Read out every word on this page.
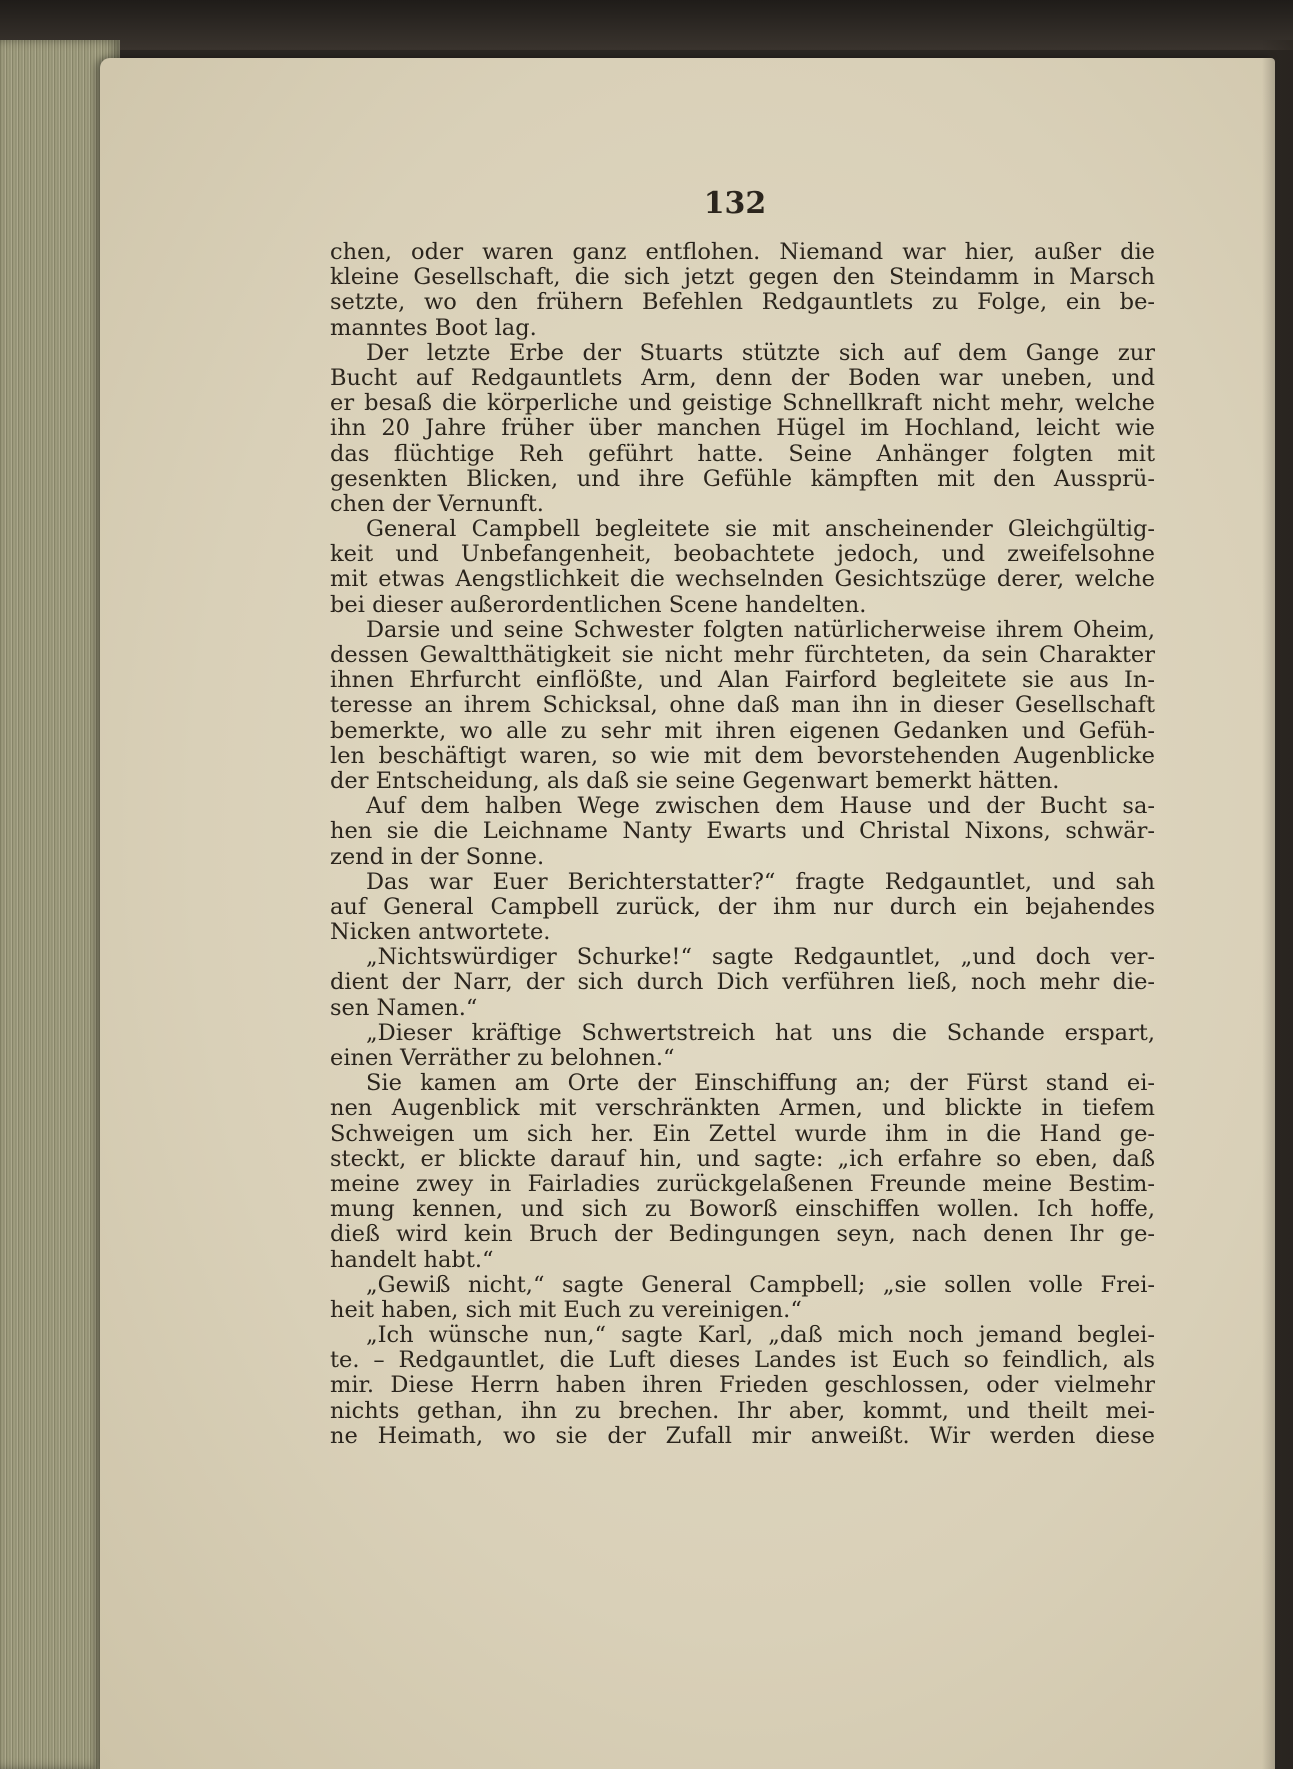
132
chen, oder waren ganz entflohen. Niemand war hier, außer die
kleine Gesellschaft, die sich jetzt gegen den Steindamm in Marsch
setzte, wo den frühern Befehlen Redgauntlets zu Folge, ein be-
manntes Boot lag.
Der letzte Erbe der Stuarts stützte sich auf dem Gange zur
Bucht auf Redgauntlets Arm, denn der Boden war uneben, und
er besaß die körperliche und geistige Schnellkraft nicht mehr, welche
ihn 20 Jahre früher über manchen Hügel im Hochland, leicht wie
das flüchtige Reh geführt hatte. Seine Anhänger folgten mit
gesenkten Blicken, und ihre Gefühle kämpften mit den Aussprü-
chen der Vernunft.
General Campbell begleitete sie mit anscheinender Gleichgültig-
keit und Unbefangenheit, beobachtete jedoch, und zweifelsohne
mit etwas Aengstlichkeit die wechselnden Gesichtszüge derer, welche
bei dieser außerordentlichen Scene handelten.
Darsie und seine Schwester folgten natürlicherweise ihrem Oheim,
dessen Gewaltthätigkeit sie nicht mehr fürchteten, da sein Charakter
ihnen Ehrfurcht einflößte, und Alan Fairford begleitete sie aus In-
teresse an ihrem Schicksal, ohne daß man ihn in dieser Gesellschaft
bemerkte, wo alle zu sehr mit ihren eigenen Gedanken und Gefüh-
len beschäftigt waren, so wie mit dem bevorstehenden Augenblicke
der Entscheidung, als daß sie seine Gegenwart bemerkt hätten.
Auf dem halben Wege zwischen dem Hause und der Bucht sa-
hen sie die Leichname Nanty Ewarts und Christal Nixons, schwär-
zend in der Sonne.
Das war Euer Berichterstatter?“ fragte Redgauntlet, und sah
auf General Campbell zurück, der ihm nur durch ein bejahendes
Nicken antwortete.
„Nichtswürdiger Schurke!“ sagte Redgauntlet, „und doch ver-
dient der Narr, der sich durch Dich verführen ließ, noch mehr die-
sen Namen.“
„Dieser kräftige Schwertstreich hat uns die Schande erspart,
einen Verräther zu belohnen.“
Sie kamen am Orte der Einschiffung an; der Fürst stand ei-
nen Augenblick mit verschränkten Armen, und blickte in tiefem
Schweigen um sich her. Ein Zettel wurde ihm in die Hand ge-
steckt, er blickte darauf hin, und sagte: „ich erfahre so eben, daß
meine zwey in Fairladies zurückgelaßenen Freunde meine Bestim-
mung kennen, und sich zu Boworß einschiffen wollen. Ich hoffe,
dieß wird kein Bruch der Bedingungen seyn, nach denen Ihr ge-
handelt habt.“
„Gewiß nicht,“ sagte General Campbell; „sie sollen volle Frei-
heit haben, sich mit Euch zu vereinigen.“
„Ich wünsche nun,“ sagte Karl, „daß mich noch jemand beglei-
te. – Redgauntlet, die Luft dieses Landes ist Euch so feindlich, als
mir. Diese Herrn haben ihren Frieden geschlossen, oder vielmehr
nichts gethan, ihn zu brechen. Ihr aber, kommt, und theilt mei-
ne Heimath, wo sie der Zufall mir anweißt. Wir werden diese
